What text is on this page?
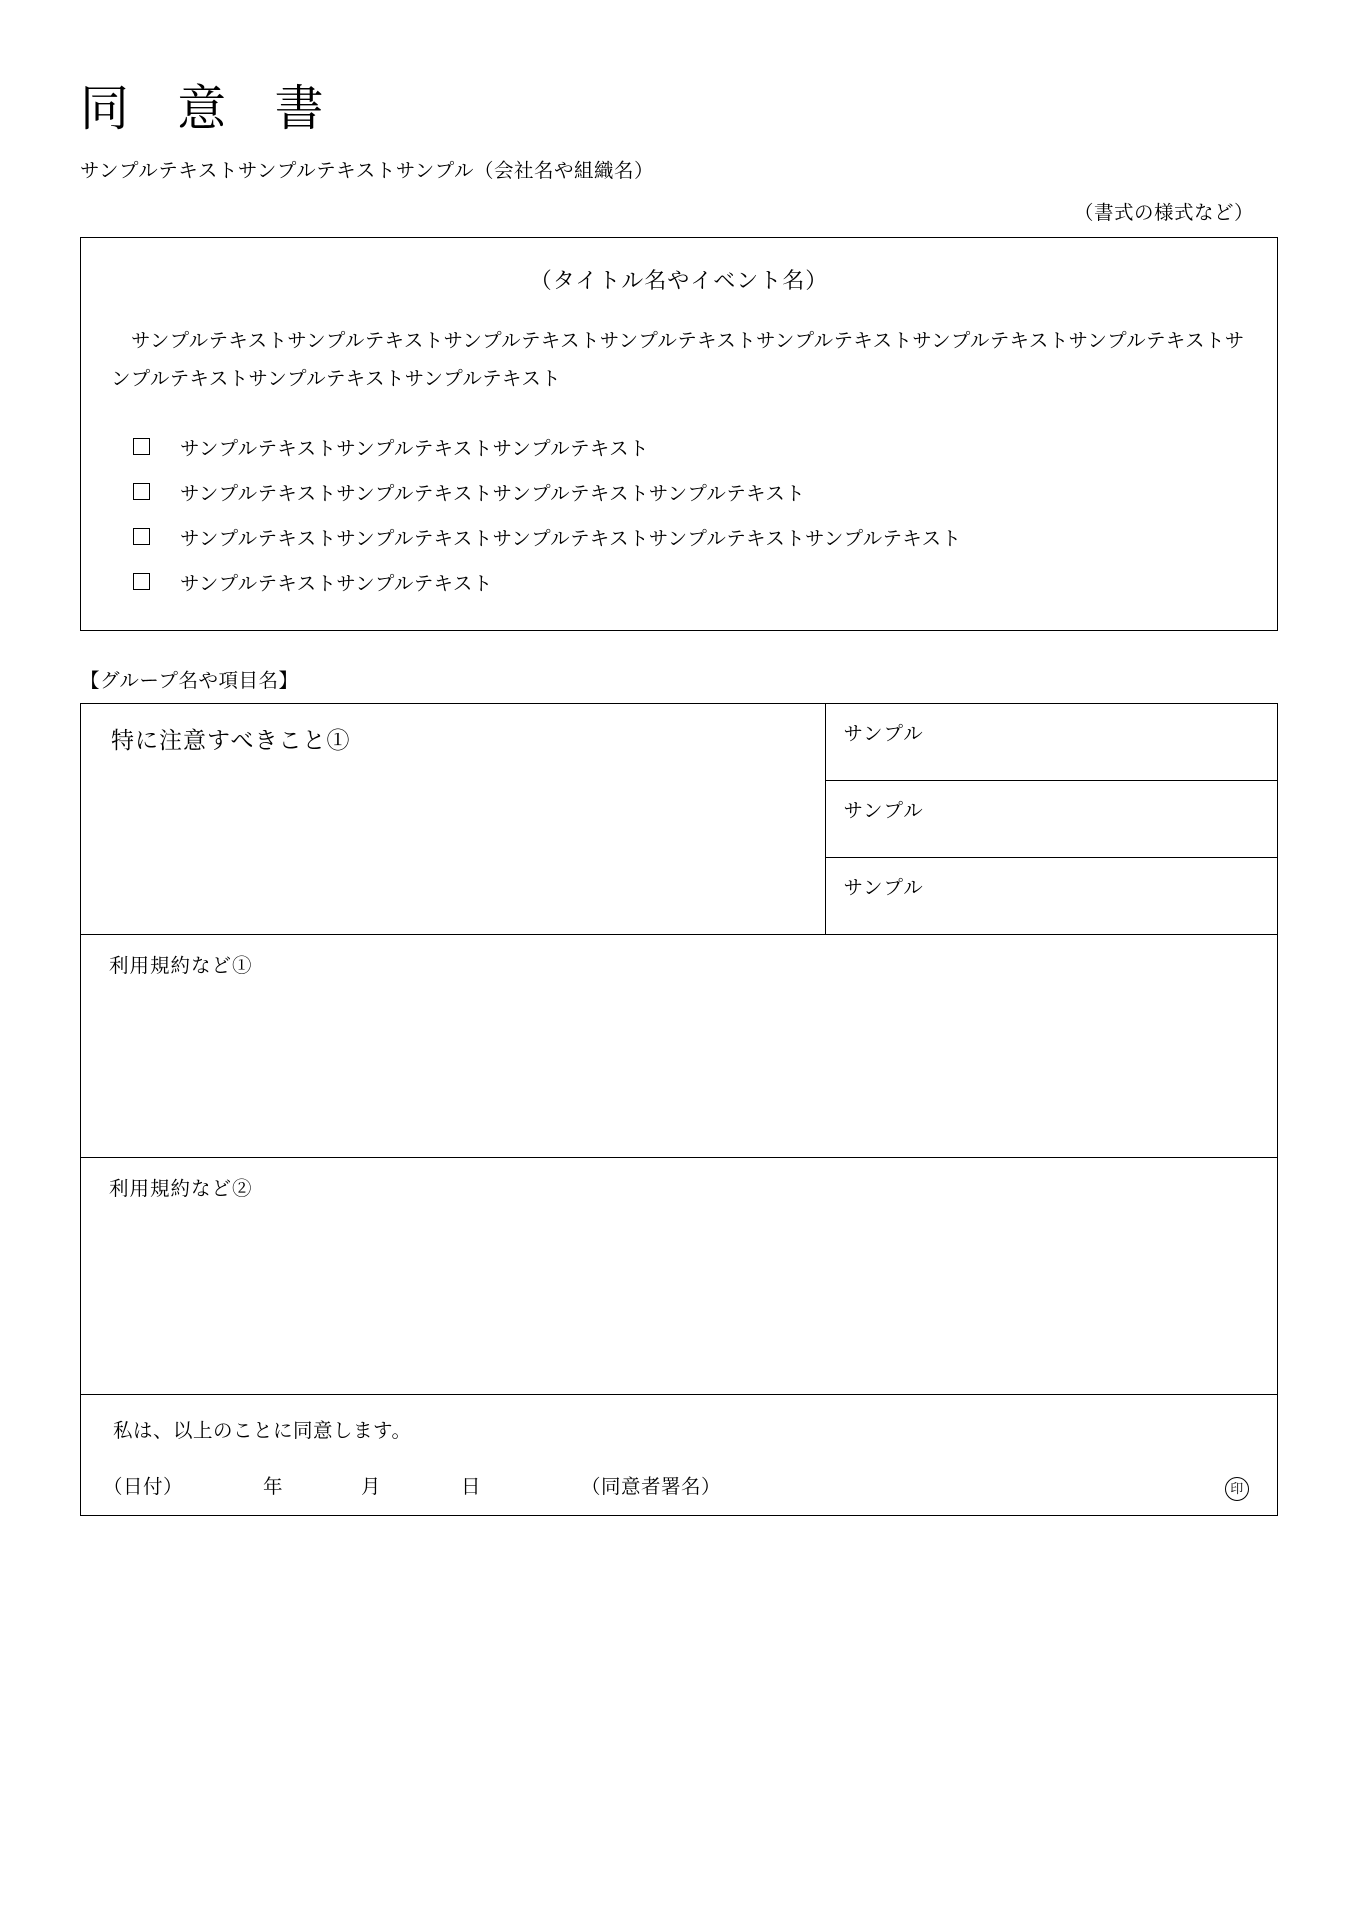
同 意 書
サンプルテキストサンプルテキストサンプル（会社名や組織名）
（書式の様式など）
（タイトル名やイベント名）
サンプルテキストサンプルテキストサンプルテキストサンプルテキストサンプルテキストサンプルテキストサンプルテキストサンプルテキストサンプルテキストサンプルテキスト
サンプルテキストサンプルテキストサンプルテキスト
サンプルテキストサンプルテキストサンプルテキストサンプルテキスト
サンプルテキストサンプルテキストサンプルテキストサンプルテキストサンプルテキスト
サンプルテキストサンプルテキスト
【グループ名や項目名】
特に注意すべきこと①	サンプル

サンプル

サンプル

利用規約など①

利用規約など②

私は、以上のことに同意します。
（日付）	年	月	日	（同意者署名）	印
